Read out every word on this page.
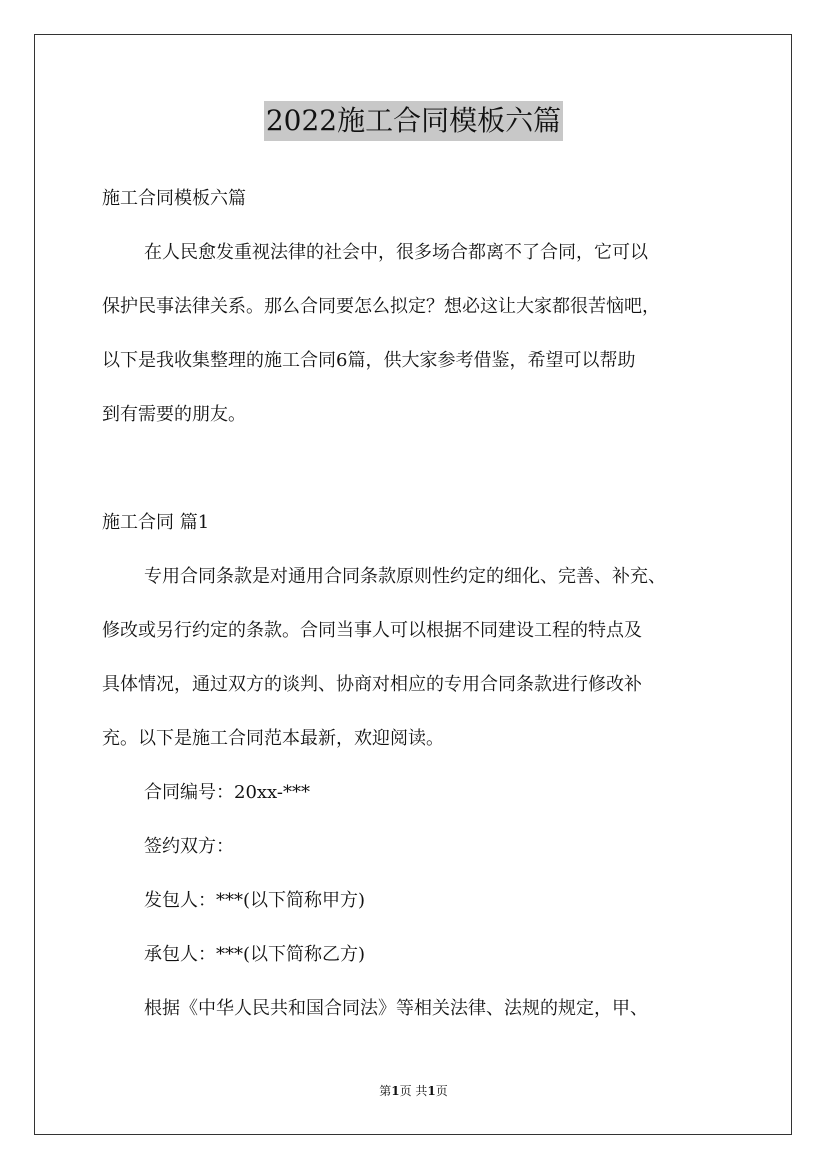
2022施工合同模板六篇
施工合同模板六篇
在人民愈发重视法律的社会中，很多场合都离不了合同，它可以
保护民事法律关系。那么合同要怎么拟定？想必这让大家都很苦恼吧，
以下是我收集整理的施工合同6篇，供大家参考借鉴，希望可以帮助
到有需要的朋友。
施工合同 篇1
专用合同条款是对通用合同条款原则性约定的细化、完善、补充、
修改或另行约定的条款。合同当事人可以根据不同建设工程的特点及
具体情况，通过双方的谈判、协商对相应的专用合同条款进行修改补
充。以下是施工合同范本最新，欢迎阅读。
合同编号：20xx-***
签约双方：
发包人：***(以下简称甲方)
承包人：***(以下简称乙方)
根据《中华人民共和国合同法》等相关法律、法规的规定，甲、
第1页 共1页
